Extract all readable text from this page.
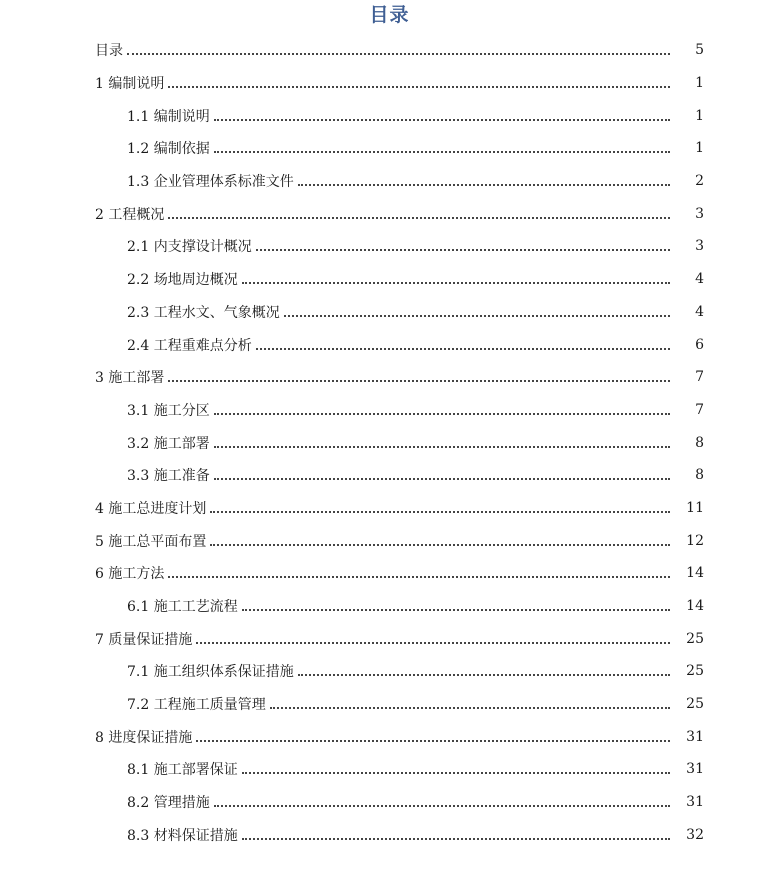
目录
目录	5
1 编制说明	1
1.1 编制说明	1
1.2 编制依据	1
1.3 企业管理体系标准文件	2
2 工程概况	3
2.1 内支撑设计概况	3
2.2 场地周边概况	4
2.3 工程水文、气象概况	4
2.4 工程重难点分析	6
3 施工部署	7
3.1 施工分区	7
3.2 施工部署	8
3.3 施工准备	8
4 施工总进度计划	11
5 施工总平面布置	12
6 施工方法	14
6.1 施工工艺流程	14
7 质量保证措施	25
7.1 施工组织体系保证措施	25
7.2 工程施工质量管理	25
8 进度保证措施	31
8.1 施工部署保证	31
8.2 管理措施	31
8.3 材料保证措施	32
